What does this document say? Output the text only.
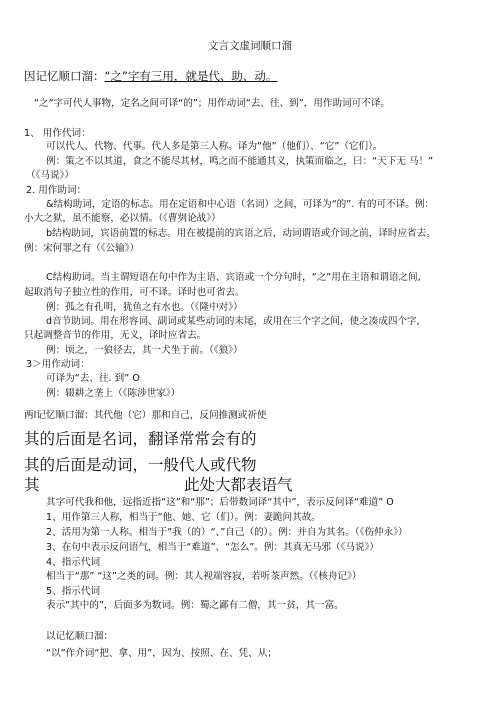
文言文虚词顺口溜
因记忆顺口溜：“之”字有三用，就是代、助、动。
“之”字可代人事物，定名之间可译“的”；用作动词“去、往、到”，用作助词可不译。
1、 用作代词：
可以代人、代物、代事。代人多是第三人称。译为“他”（他们）、“它”（它们）。
例：策之不以其道，食之不能尽其材，鸣之而不能通其义，执策而临之，曰：“天下无 马！”
（《马说》）
2. 用作助词：
&结构助词，定语的标志。用在定语和中心语（名词）之间，可译为“的”. 有的可不译。例：
小大之狱，虽不能察，必以情。（《曹刿论战》）
b结构助词，宾语前置的标志。用在被提前的宾语之后，动词谓语或介词之前，译时应省去。
例：宋何罪之有（《公输》）
C结构助词。当主谓短语在句中作为主语、宾语或一个分句时，“之”用在主语和谓语之间,
起取消句子独立性的作用，可不译。译时也可省去。
例：孤之有孔明，犹鱼之有水也。（《隆中对》）
d音节助词。用在形容词、副词或某些动词的末尾，或用在三个字之间，使之凑成四个字,
只起调整音节的作用，无义，译时应省去。
例：顷之，一狼径去，其一犬坐于前。（《狼》）
3＞用作动词：
可译为“去、往. 到” O
例：辍耕之垄上（《陈涉世家》）
两l记忆顺口溜：其代他（它）那和自己，反问推测或祈使
其的后面是名词，翻译常常会有的
其的后面是动词，一般代人或代物
其	此处大都表语气
其字可代我和他，远指近指“这”和“那”；后带数词译“其中”，表示反问译“难道” O
1、用作第三人称，相当于“他、她、它（们）。例：妻跪问其故。
2、活用为第一人称。相当于”我（的）“、”自己（的）。例：并自为其名。（《伤仲永》）
3、在句中表示反问语气，相当于“难道”、“怎么”。例：其真无马邪（《马说》）
4、指示代词
相当于“那” “这”之类的词。例：其人视端容寂，若听茶声然。（《核舟记》）
5、指示代词
表示“其中的”，后面多为数词。例：蜀之鄙有二僧，其一贫，其一富。
以记忆顺口溜：
“以”作介词“把、拿、用”，因为、按照、在、凭、从；
